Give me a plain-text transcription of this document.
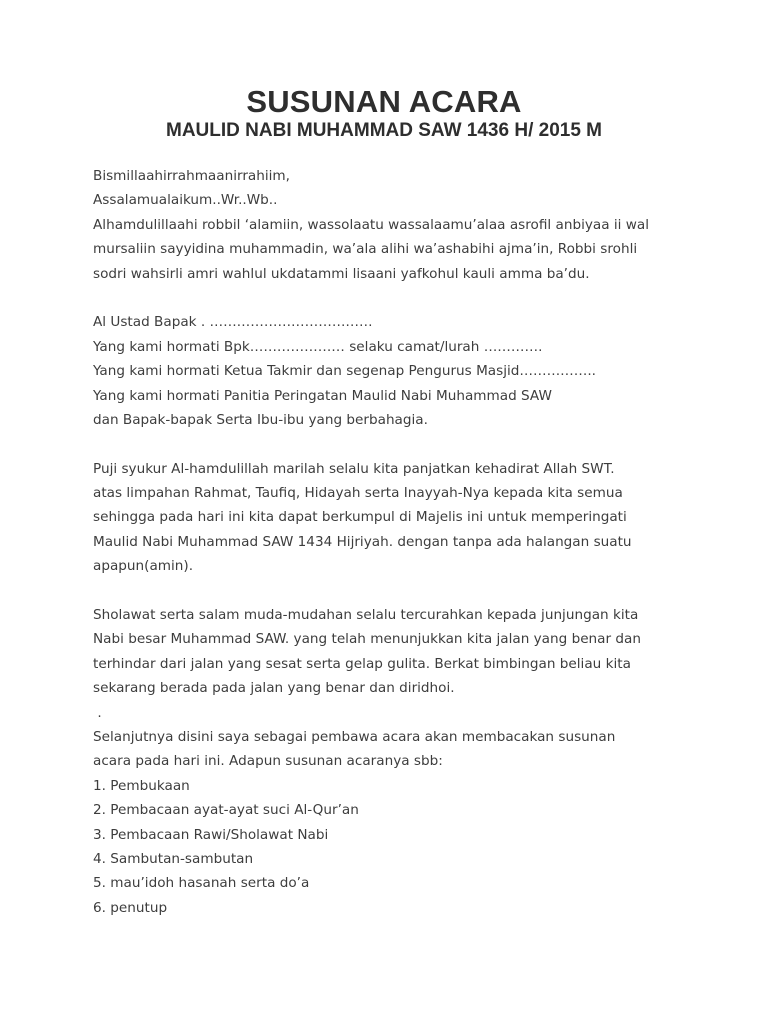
SUSUNAN ACARA
MAULID NABI MUHAMMAD SAW 1436 H/ 2015 M
Bismillaahirrahmaanirrahiim,
Assalamualaikum..Wr..Wb..
Alhamdulillaahi robbil ‘alamiin, wassolaatu wassalaamu’alaa asrofil anbiyaa ii wal
mursaliin sayyidina muhammadin, wa’ala alihi wa’ashabihi ajma’in, Robbi srohli
sodri wahsirli amri wahlul ukdatammi lisaani yafkohul kauli amma ba’du.
Al Ustad Bapak . ………………………………
Yang kami hormati Bpk………………… selaku camat/lurah ………….
Yang kami hormati Ketua Takmir dan segenap Pengurus Masjid……………..
Yang kami hormati Panitia Peringatan Maulid Nabi Muhammad SAW
dan Bapak-bapak Serta Ibu-ibu yang berbahagia.
Puji syukur Al-hamdulillah marilah selalu kita panjatkan kehadirat Allah SWT.
atas limpahan Rahmat, Taufiq, Hidayah serta Inayyah-Nya kepada kita semua
sehingga pada hari ini kita dapat berkumpul di Majelis ini untuk memperingati
Maulid Nabi Muhammad SAW 1434 Hijriyah. dengan tanpa ada halangan suatu
apapun(amin).
Sholawat serta salam muda-mudahan selalu tercurahkan kepada junjungan kita
Nabi besar Muhammad SAW. yang telah menunjukkan kita jalan yang benar dan
terhindar dari jalan yang sesat serta gelap gulita. Berkat bimbingan beliau kita
sekarang berada pada jalan yang benar dan diridhoi.
.
Selanjutnya disini saya sebagai pembawa acara akan membacakan susunan
acara pada hari ini. Adapun susunan acaranya sbb:
1. Pembukaan
2. Pembacaan ayat-ayat suci Al-Qur’an
3. Pembacaan Rawi/Sholawat Nabi
4. Sambutan-sambutan
5. mau’idoh hasanah serta do’a
6. penutup
